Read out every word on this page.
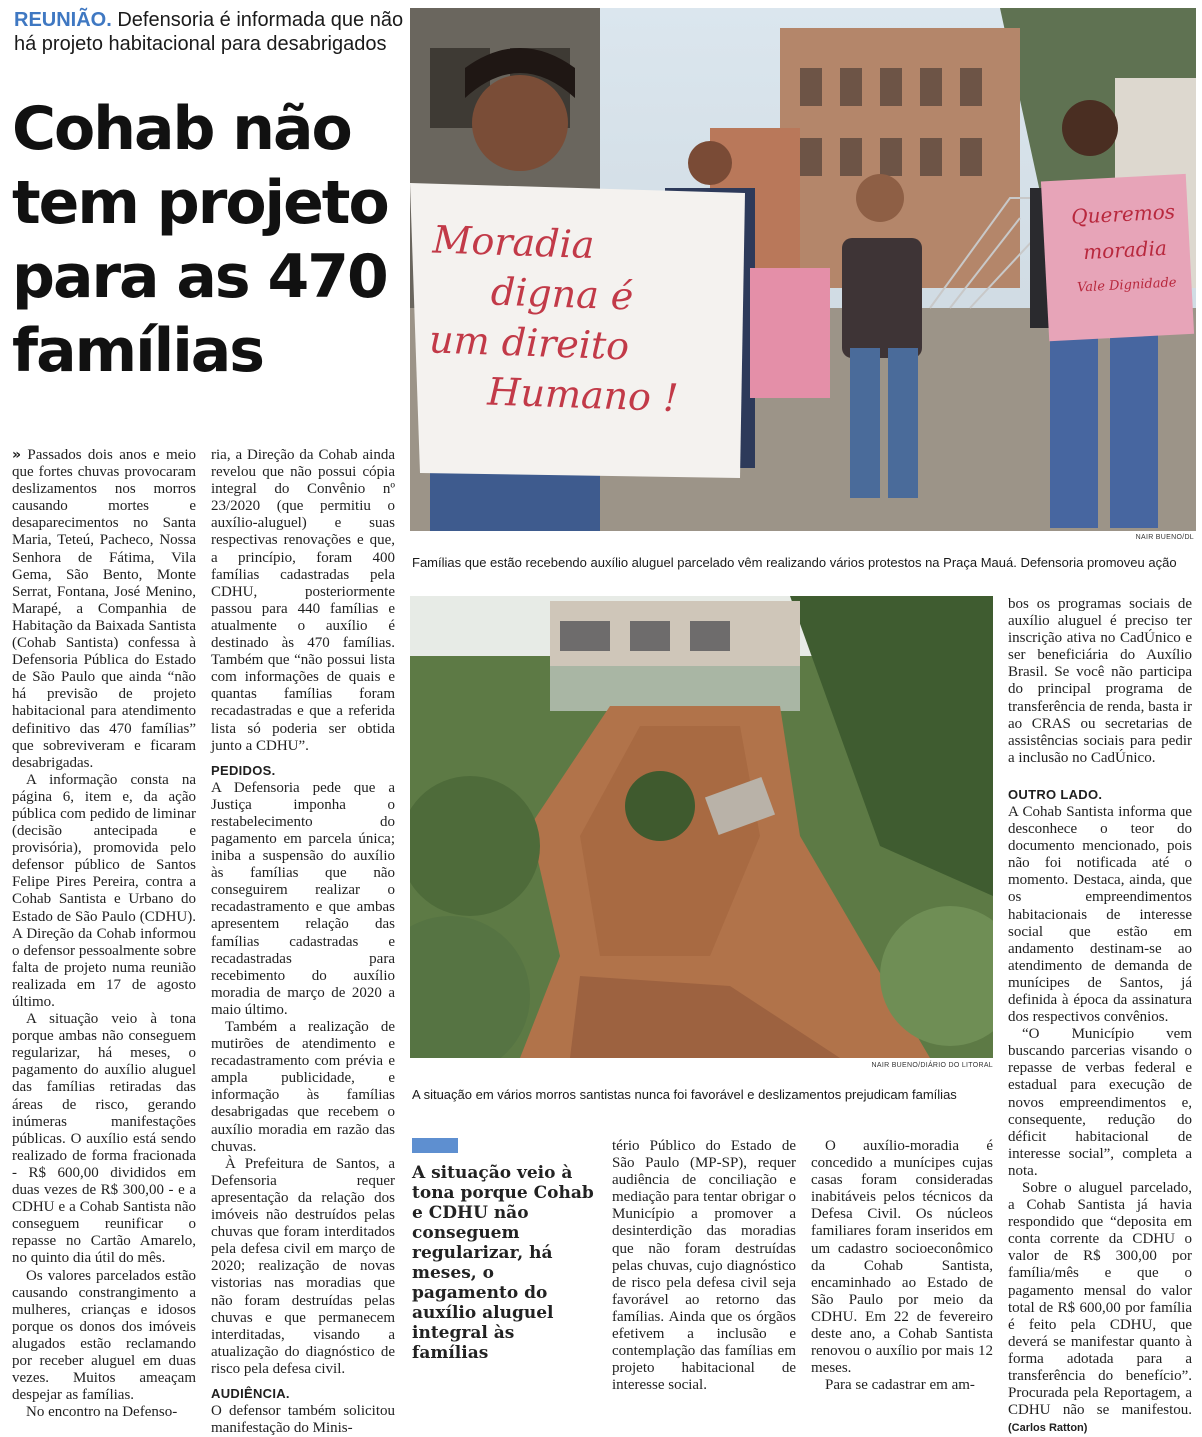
REUNIÃO. Defensoria é informada que não há projeto habitacional para desabrigados
Cohab não
tem projeto
para as 470
famílias
Moradia
digna é
um direito
Humano !
Queremos
moradia
Vale Dignidade
NAIR BUENO/DL
Famílias que estão recebendo auxílio aluguel parcelado vêm realizando vários protestos na Praça Mauá. Defensoria promoveu ação
NAIR BUENO/DIÁRIO DO LITORAL
A situação em vários morros santistas nunca foi favorável e deslizamentos prejudicam famílias

» Passados dois anos e meio que fortes chuvas provocaram deslizamentos nos morros causando mortes e desaparecimentos no Santa Maria, Teteú, Pacheco, Nossa Senhora de Fátima, Vila Gema, São Bento, Monte Serrat, Fontana, José Menino, Marapé, a Companhia de Habitação da Baixada Santista (Cohab Santista) confessa à Defensoria Pública do Estado de São Paulo que ainda “não há previsão de projeto habitacional para atendimento definitivo das 470 famílias” que sobreviveram e ficaram desabrigadas.

A informação consta na página 6, item e, da ação pública com pedido de liminar (decisão antecipada e provisória), promovida pelo defensor público de Santos Felipe Pires Pereira, contra a Cohab Santista e Urbano do Estado de São Paulo (CDHU). A Direção da Cohab informou o defensor pessoalmente sobre falta de projeto numa reunião realizada em 17 de agosto último.

A situação veio à tona porque ambas não conseguem regularizar, há meses, o pagamento do auxílio aluguel das famílias retiradas das áreas de risco, gerando inúmeras manifestações públicas. O auxílio está sendo realizado de forma fracionada - R$ 600,00 divididos em duas vezes de R$ 300,00 - e a CDHU e a Cohab Santista não conseguem reunificar o repasse no Cartão Amarelo, no quinto dia útil do mês.

Os valores parcelados estão causando constrangimento a mulheres, crianças e idosos porque os donos dos imóveis alugados estão reclamando por receber aluguel em duas vezes. Muitos ameaçam despejar as famílias.

No encontro na Defenso-

ria, a Direção da Cohab ainda revelou que não possui cópia integral do Convênio nº 23/2020 (que permitiu o auxílio-aluguel) e suas respectivas renovações e que, a princípio, foram 400 famílias cadastradas pela CDHU, posteriormente passou para 440 famílias e atualmente o auxílio é destinado às 470 famílias. Também que “não possui lista com informações de quais e quantas famílias foram recadastradas e que a referida lista só poderia ser obtida junto a CDHU”.

PEDIDOS.

A Defensoria pede que a Justiça imponha o restabelecimento do pagamento em parcela única; iniba a suspensão do auxílio às famílias que não conseguirem realizar o recadastramento e que ambas apresentem relação das famílias cadastradas e recadastradas para recebimento do auxílio moradia de março de 2020 a maio último.

Também a realização de mutirões de atendimento e recadastramento com prévia e ampla publicidade, e informação às famílias desabrigadas que recebem o auxílio moradia em razão das chuvas.

À Prefeitura de Santos, a Defensoria requer apresentação da relação dos imóveis não destruídos pelas chuvas que foram interditados pela defesa civil em março de 2020; realização de novas vistorias nas moradias que não foram destruídas pelas chuvas e que permanecem interditadas, visando a atualização do diagnóstico de risco pela defesa civil.

AUDIÊNCIA.

O defensor também solicitou manifestação do Minis-

A situação veio à tona porque Cohab e CDHU não conseguem regularizar, há meses, o pagamento do auxílio aluguel integral às famílias

tério Público do Estado de São Paulo (MP-SP), requer audiência de conciliação e mediação para tentar obrigar o Município a promover a desinterdição das moradias que não foram destruídas pelas chuvas, cujo diagnóstico de risco pela defesa civil seja favorável ao retorno das famílias. Ainda que os órgãos efetivem a inclusão e contemplação das famílias em projeto habitacional de interesse social.

O auxílio-moradia é concedido a munícipes cujas casas foram consideradas inabitáveis pelos técnicos da Defesa Civil. Os núcleos familiares foram inseridos em um cadastro socioeconômico da Cohab Santista, encaminhado ao Estado de São Paulo por meio da CDHU. Em 22 de fevereiro deste ano, a Cohab Santista renovou o auxílio por mais 12 meses.

Para se cadastrar em am-

bos os programas sociais de auxílio aluguel é preciso ter inscrição ativa no CadÚnico e ser beneficiária do Auxílio Brasil. Se você não participa do principal programa de transferência de renda, basta ir ao CRAS ou secretarias de assistências sociais para pedir a inclusão no CadÚnico.

OUTRO LADO.

A Cohab Santista informa que desconhece o teor do documento mencionado, pois não foi notificada até o momento. Destaca, ainda, que os empreendimentos habitacionais de interesse social que estão em andamento destinam-se ao atendimento de demanda de munícipes de Santos, já definida à época da assinatura dos respectivos convênios.

“O Município vem buscando parcerias visando o repasse de verbas federal e estadual para execução de novos empreendimentos e, consequente, redução do déficit habitacional de interesse social”, completa a nota.

Sobre o aluguel parcelado, a Cohab Santista já havia respondido que “deposita em conta corrente da CDHU o valor de R$ 300,00 por família/mês e que o pagamento mensal do valor total de R$ 600,00 por família é feito pela CDHU, que deverá se manifestar quanto à forma adotada para a transferência do benefício”. Procurada pela Reportagem, a CDHU não se manifestou. (Carlos Ratton)
